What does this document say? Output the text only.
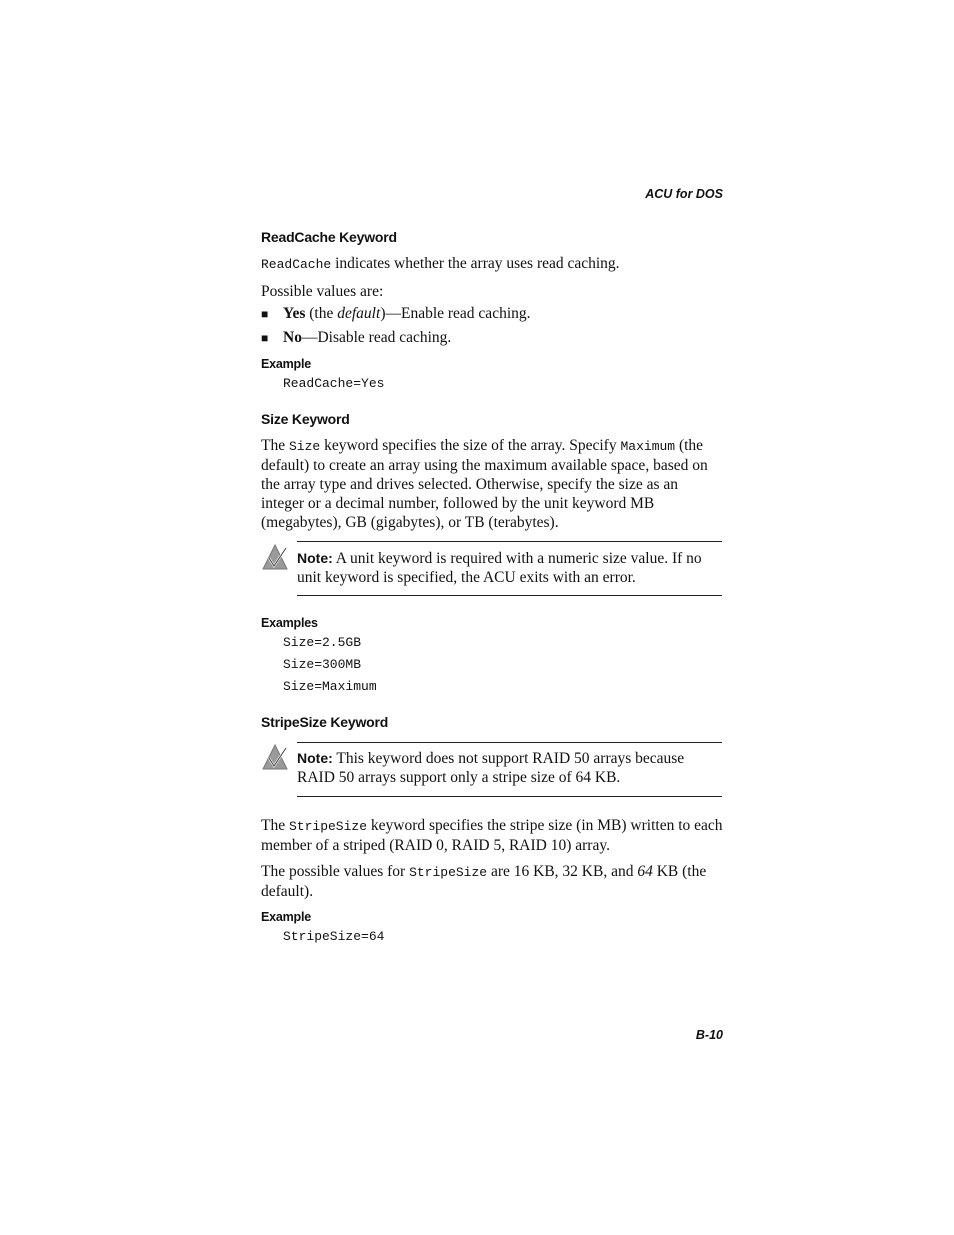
ACU for DOS
ReadCache Keyword
ReadCache indicates whether the array uses read caching.
Possible values are:
■ Yes (the default)—Enable read caching.
■ No—Disable read caching.
Example
ReadCache=Yes
Size Keyword
The Size keyword specifies the size of the array. Specify Maximum (the default) to create an array using the maximum available space, based on the array type and drives selected. Otherwise, specify the size as an integer or a decimal number, followed by the unit keyword MB (megabytes), GB (gigabytes), or TB (terabytes).
Note: A unit keyword is required with a numeric size value. If no unit keyword is specified, the ACU exits with an error.
Examples
Size=2.5GB
Size=300MB
Size=Maximum
StripeSize Keyword
Note: This keyword does not support RAID 50 arrays because RAID 50 arrays support only a stripe size of 64 KB.
The StripeSize keyword specifies the stripe size (in MB) written to each member of a striped (RAID 0, RAID 5, RAID 10) array.
The possible values for StripeSize are 16 KB, 32 KB, and 64 KB (the default).
Example
StripeSize=64
B-10
